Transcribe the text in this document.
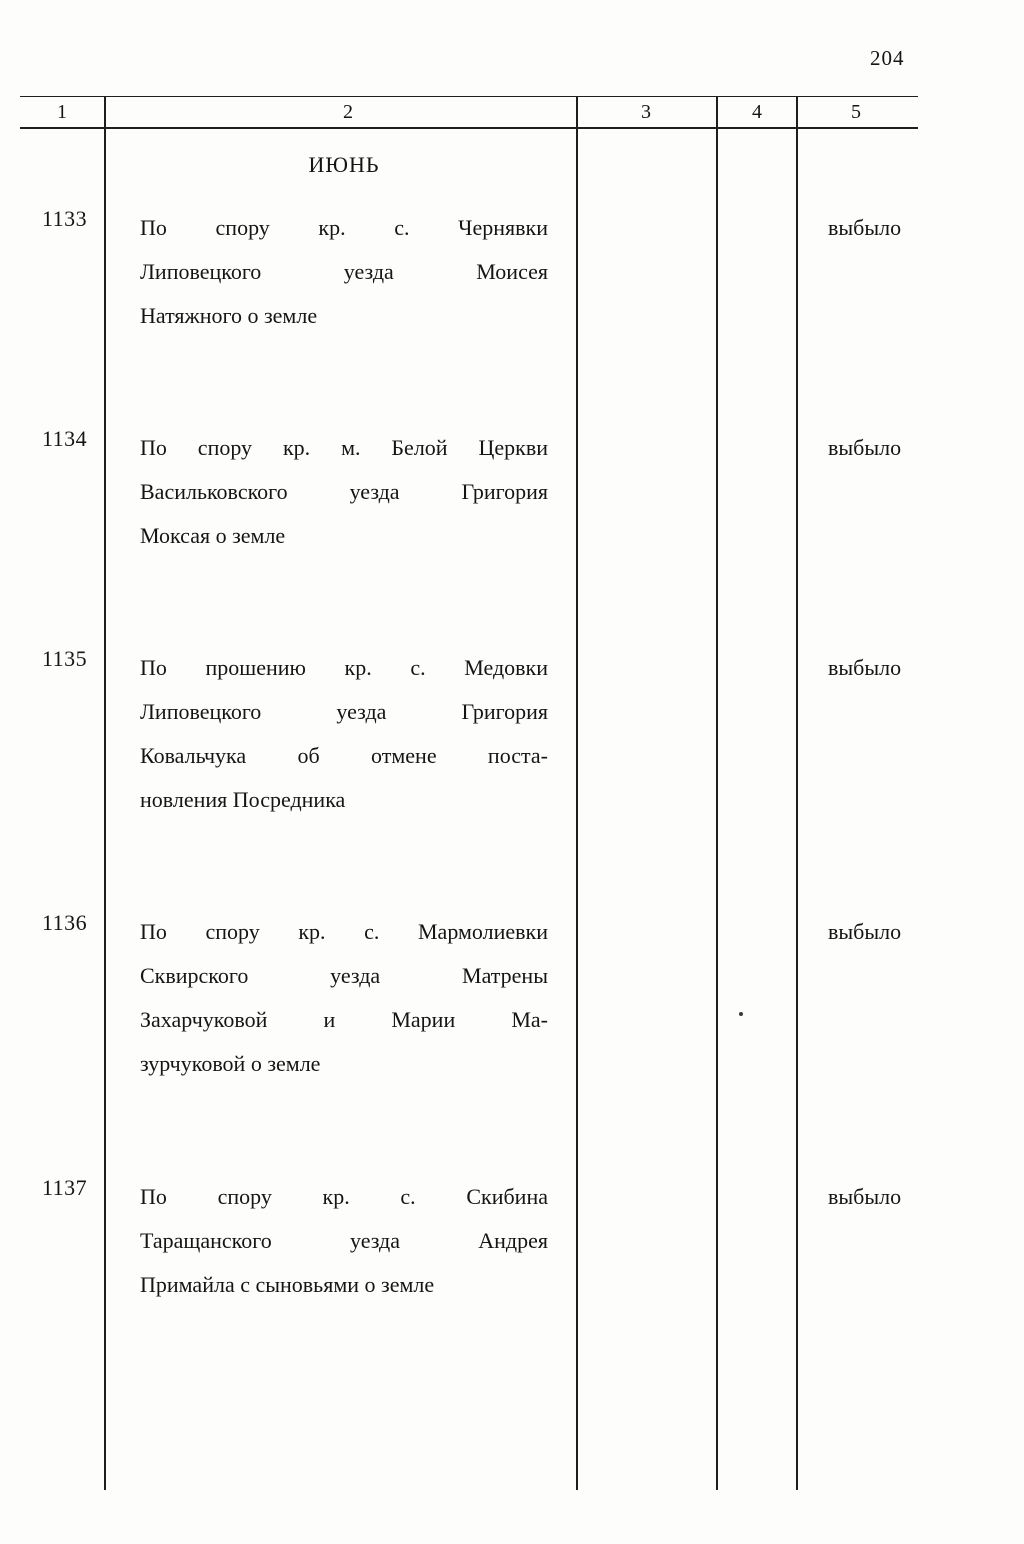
204
1	2	3	4	5
ИЮНЬ
1133 По спору кр. с. Чернявки
Липовецкого уезда Моисея
Натяжного о земле
выбыло
1134 По спору кр. м. Белой Церкви
Васильковского уезда Григория
Моксая о земле
выбыло
1135 По прошению кр. с. Медовки
Липовецкого уезда Григория
Ковальчука об отмене поста-
новления Посредника
выбыло
1136 По спору кр. с. Мармолиевки
Сквирского уезда Матрены
Захарчуковой и Марии Ма-
зурчуковой о земле
выбыло
1137 По спору кр. с. Скибина
Таращанского уезда Андрея
Примайла с сыновьями о земле
выбыло
